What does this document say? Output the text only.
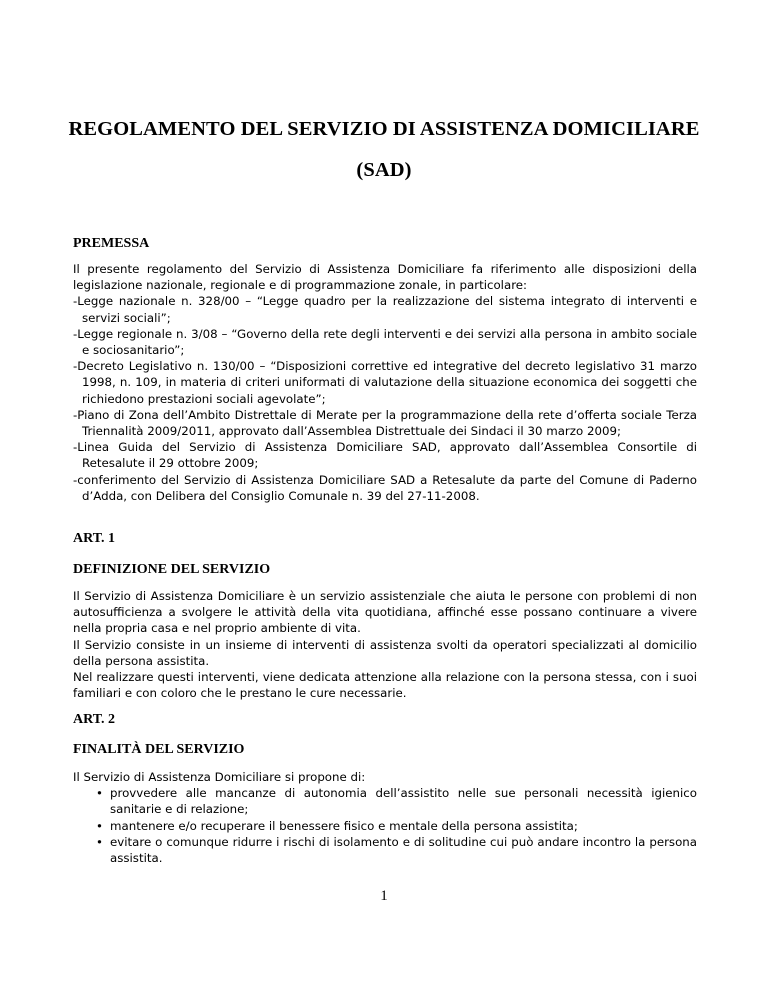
REGOLAMENTO DEL SERVIZIO DI ASSISTENZA DOMICILIARE
(SAD)
PREMESSA

Il presente regolamento del Servizio di Assistenza Domiciliare fa riferimento alle disposizioni della legislazione nazionale, regionale e di programmazione zonale, in particolare:

-Legge nazionale n. 328/00 – “Legge quadro per la realizzazione del sistema integrato di interventi e servizi sociali”;
-Legge regionale n. 3/08 – “Governo della rete degli interventi e dei servizi alla persona in ambito sociale e sociosanitario”;
-Decreto Legislativo n. 130/00 – “Disposizioni correttive ed integrative del decreto legislativo 31 marzo 1998, n. 109, in materia di criteri uniformati di valutazione della situazione economica dei soggetti che richiedono prestazioni sociali agevolate”;
-Piano di Zona dell’Ambito Distrettale di Merate per la programmazione della rete d’offerta sociale Terza Triennalità 2009/2011, approvato dall’Assemblea Distrettuale dei Sindaci il 30 marzo 2009;
-Linea Guida del Servizio di Assistenza Domiciliare SAD, approvato dall’Assemblea Consortile di Retesalute il 29 ottobre 2009;
-conferimento del Servizio di Assistenza Domiciliare SAD a Retesalute da parte del Comune di Paderno d’Adda, con Delibera del Consiglio Comunale n. 39 del 27-11-2008.
ART. 1
DEFINIZIONE DEL SERVIZIO

Il Servizio di Assistenza Domiciliare è un servizio assistenziale che aiuta le persone con problemi di non autosufficienza a svolgere le attività della vita quotidiana, affinché esse possano continuare a vivere nella propria casa e nel proprio ambiente di vita.

Il Servizio consiste in un insieme di interventi di assistenza svolti da operatori specializzati al domicilio della persona assistita.

Nel realizzare questi interventi, viene dedicata attenzione alla relazione con la persona stessa, con i suoi familiari e con coloro che le prestano le cure necessarie.

ART. 2
FINALITÀ DEL SERVIZIO

Il Servizio di Assistenza Domiciliare si propone di:

• provvedere alle mancanze di autonomia dell’assistito nelle sue personali necessità igienico sanitarie e di relazione;
• mantenere e/o recuperare il benessere fisico e mentale della persona assistita;
• evitare o comunque ridurre i rischi di isolamento e di solitudine cui può andare incontro la persona assistita.
1
